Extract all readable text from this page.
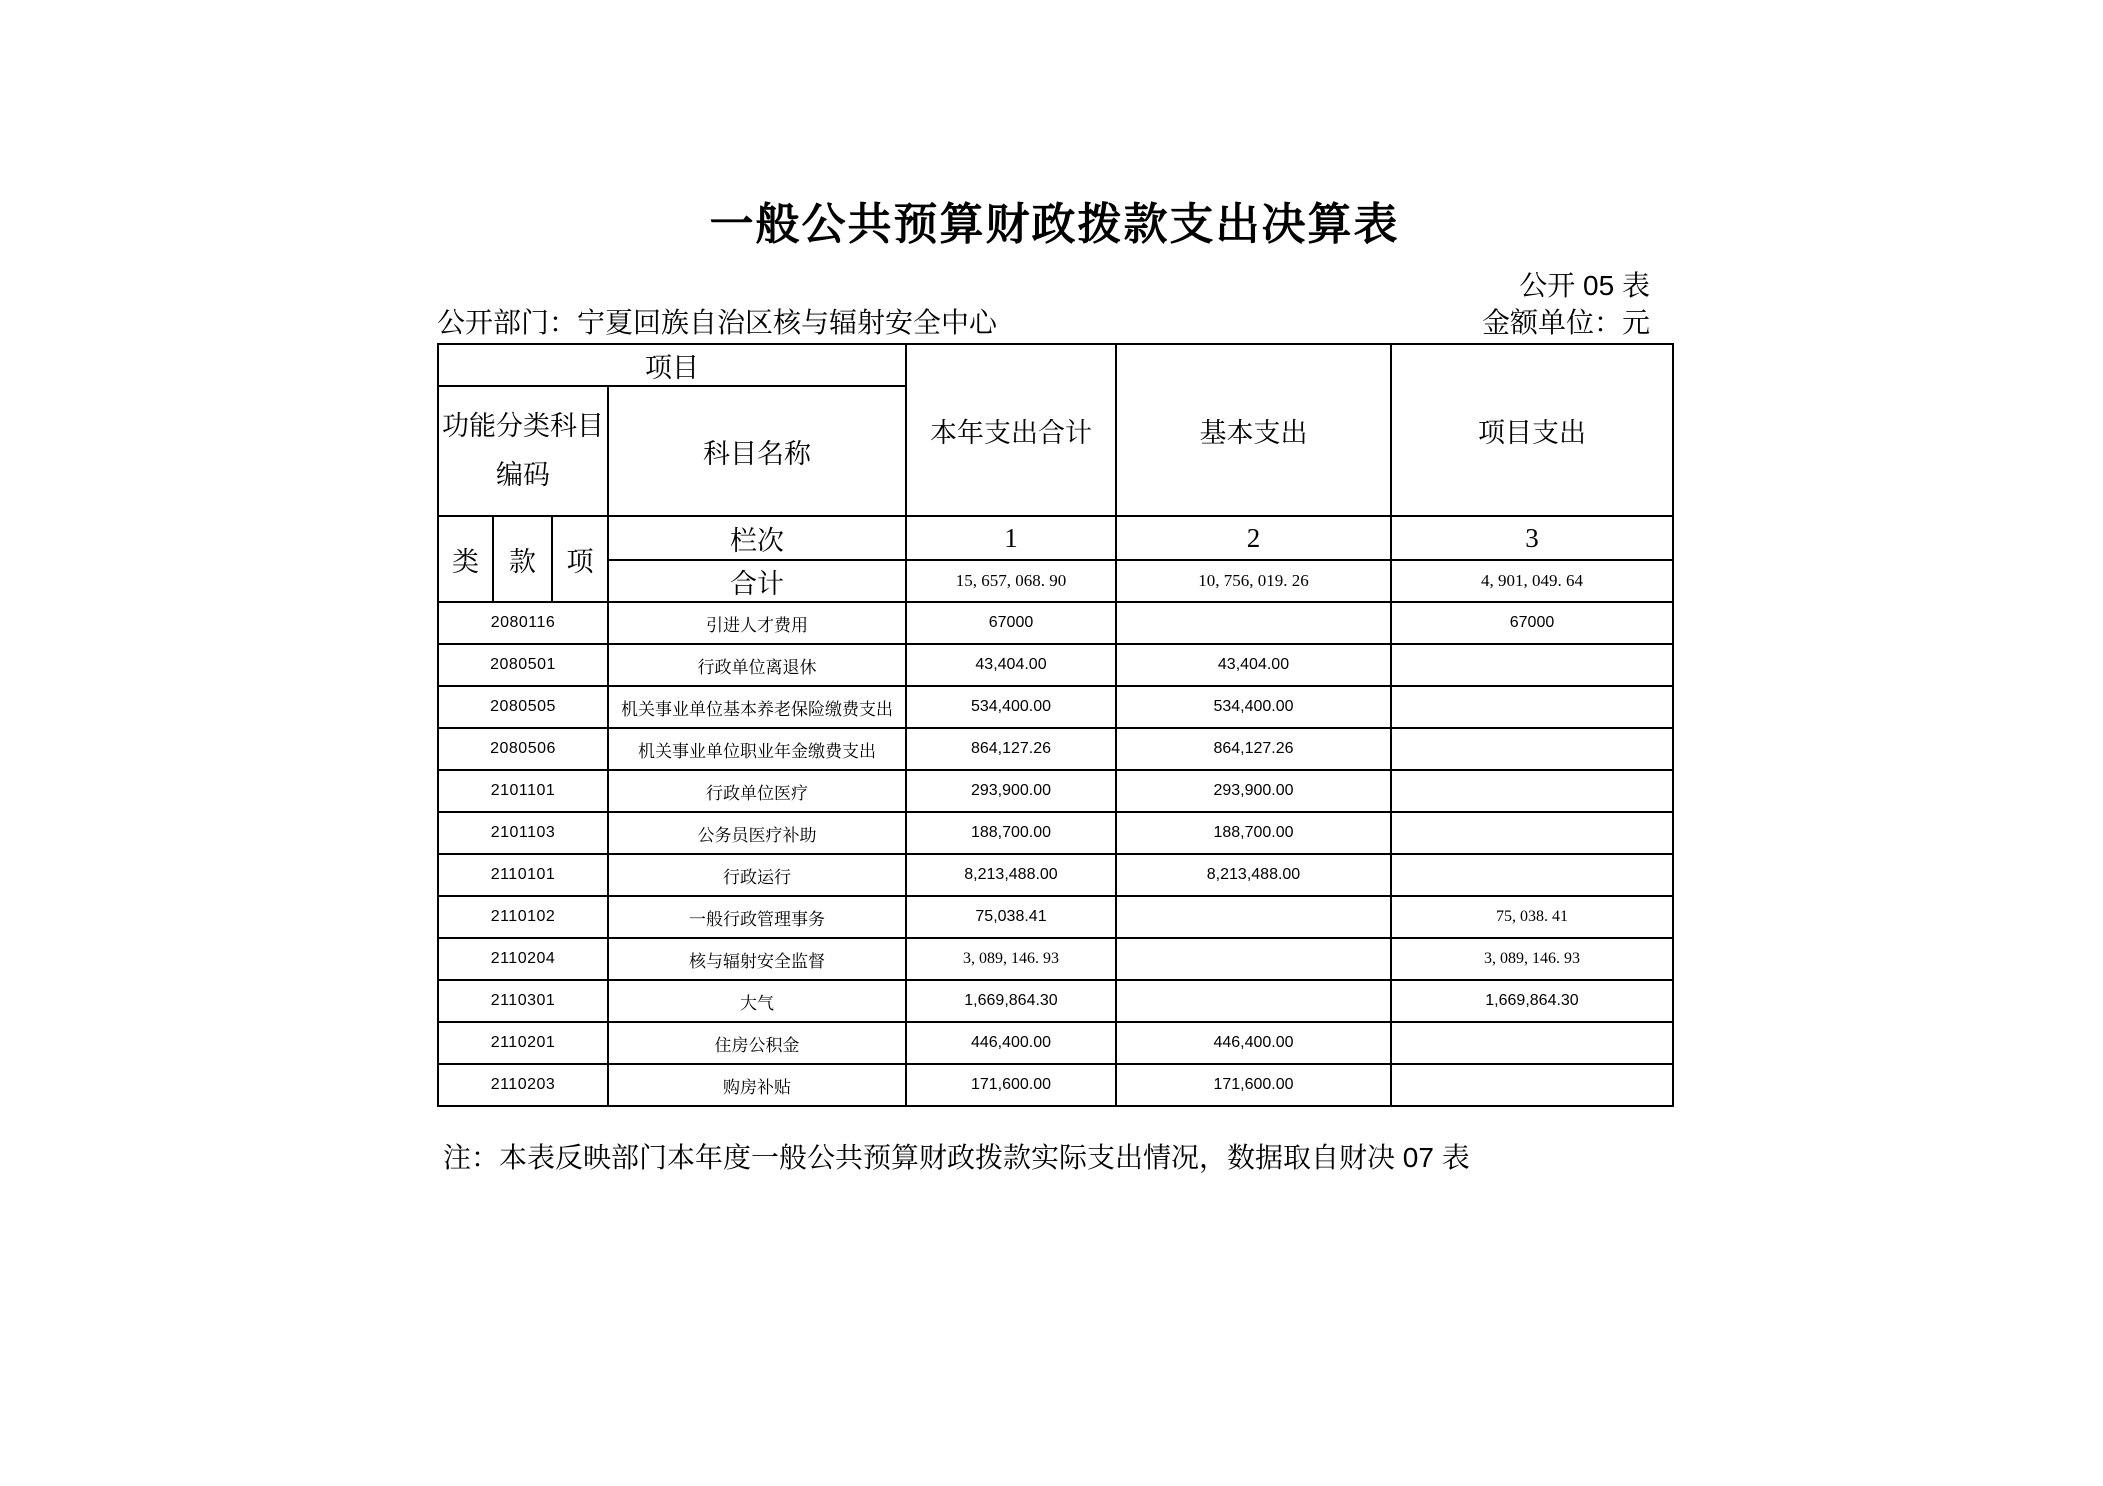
一般公共预算财政拨款支出决算表
公开 05 表
公开部门：宁夏回族自治区核与辐射安全中心	金额单位：元
项目				本年支出合计	基本支出	项目支出
功能分类科目编码			科目名称			
类	款	项	栏次	1	2	3
			合计	15, 657, 068. 90	10, 756, 019. 26	4, 901, 049. 64
2080116			引进人才费用	67000		67000
2080501			行政单位离退休	43,404.00	43,404.00	
2080505			机关事业单位基本养老保险缴费支出	534,400.00	534,400.00	
2080506			机关事业单位职业年金缴费支出	864,127.26	864,127.26	
2101101			行政单位医疗	293,900.00	293,900.00	
2101103			公务员医疗补助	188,700.00	188,700.00	
2110101			行政运行	8,213,488.00	8,213,488.00	
2110102			一般行政管理事务	75,038.41		75, 038. 41
2110204			核与辐射安全监督	3, 089, 146. 93		3, 089, 146. 93
2110301			大气	1,669,864.30		1,669,864.30
2110201			住房公积金	446,400.00	446,400.00	
2110203			购房补贴	171,600.00	171,600.00	
注：本表反映部门本年度一般公共预算财政拨款实际支出情况，数据取自财决 07 表
